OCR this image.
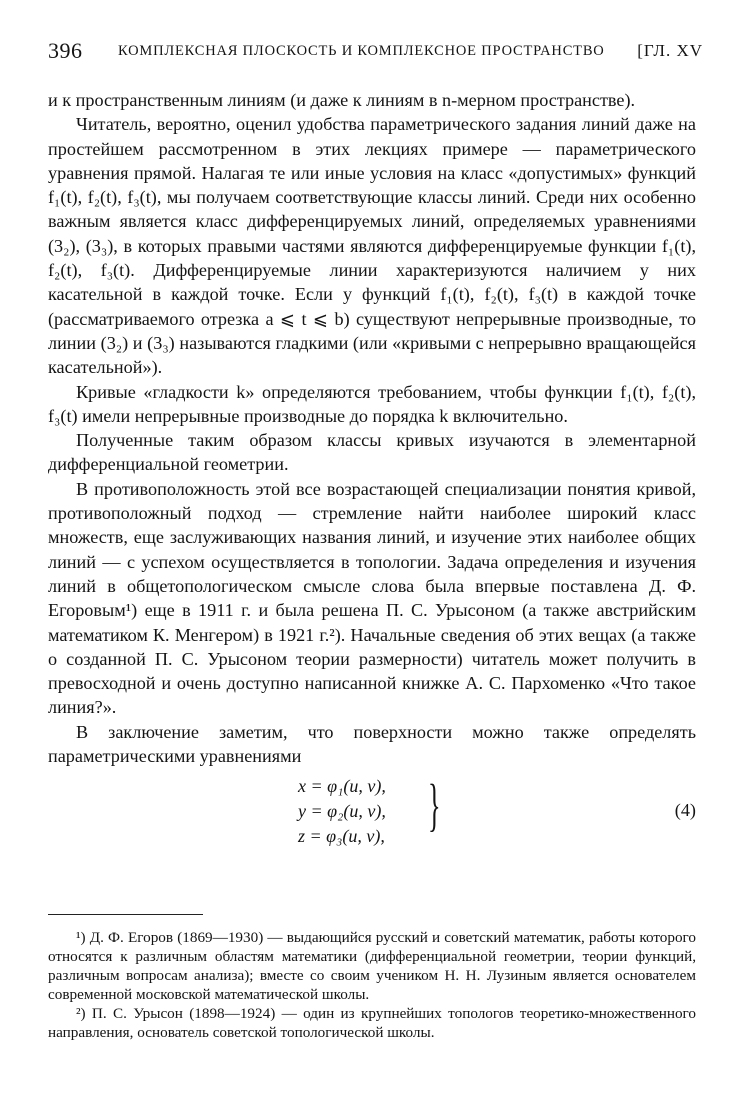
396 КОМПЛЕКСНАЯ ПЛОСКОСТЬ И КОМПЛЕКСНОЕ ПРОСТРАНСТВО [ГЛ. XV

и к пространственным линиям (и даже к линиям в n-мерном пространстве).

Читатель, вероятно, оценил удобства параметрического задания линий даже на простейшем рассмотренном в этих лекциях примере — параметрического уравнения прямой. Налагая те или иные условия на класс «допустимых» функций f₁(t), f₂(t), f₃(t), мы получаем соответствующие классы линий. Среди них особенно важным является класс дифференцируемых линий, определяемых уравнениями (3₂), (3₃), в которых правыми частями являются дифференцируемые функции f₁(t), f₂(t), f₃(t). Дифференцируемые линии характеризуются наличием у них касательной в каждой точке. Если у функций f₁(t), f₂(t), f₃(t) в каждой точке (рассматриваемого отрезка a ⩽ t ⩽ b) существуют непрерывные производные, то линии (3₂) и (3₃) называются гладкими (или «кривыми с непрерывно вращающейся касательной»).

Кривые «гладкости k» определяются требованием, чтобы функции f₁(t), f₂(t), f₃(t) имели непрерывные производные до порядка k включительно.

Полученные таким образом классы кривых изучаются в элементарной дифференциальной геометрии.

В противоположность этой все возрастающей специализации понятия кривой, противоположный подход — стремление найти наиболее широкий класс множеств, еще заслуживающих названия линий, и изучение этих наиболее общих линий — с успехом осуществляется в топологии. Задача определения и изучения линий в общетопологическом смысле слова была впервые поставлена Д. Ф. Егоровым¹) еще в 1911 г. и была решена П. С. Урысоном (а также австрийским математиком К. Менгером) в 1921 г.²). Начальные сведения об этих вещах (а также о созданной П. С. Урысоном теории размерности) читатель может получить в превосходной и очень доступно написанной книжке А. С. Пархоменко «Что такое линия?».

В заключение заметим, что поверхности можно также определять параметрическими уравнениями

x = φ₁(u, v),
y = φ₂(u, v),
z = φ₃(u, v), }	(4)

¹) Д. Ф. Егоров (1869—1930) — выдающийся русский и советский математик, работы которого относятся к различным областям математики (дифференциальной геометрии, теории функций, различным вопросам анализа); вместе со своим учеником Н. Н. Лузиным является основателем современной московской математической школы.

²) П. С. Урысон (1898—1924) — один из крупнейших топологов теоретико-множественного направления, основатель советской топологической школы.
